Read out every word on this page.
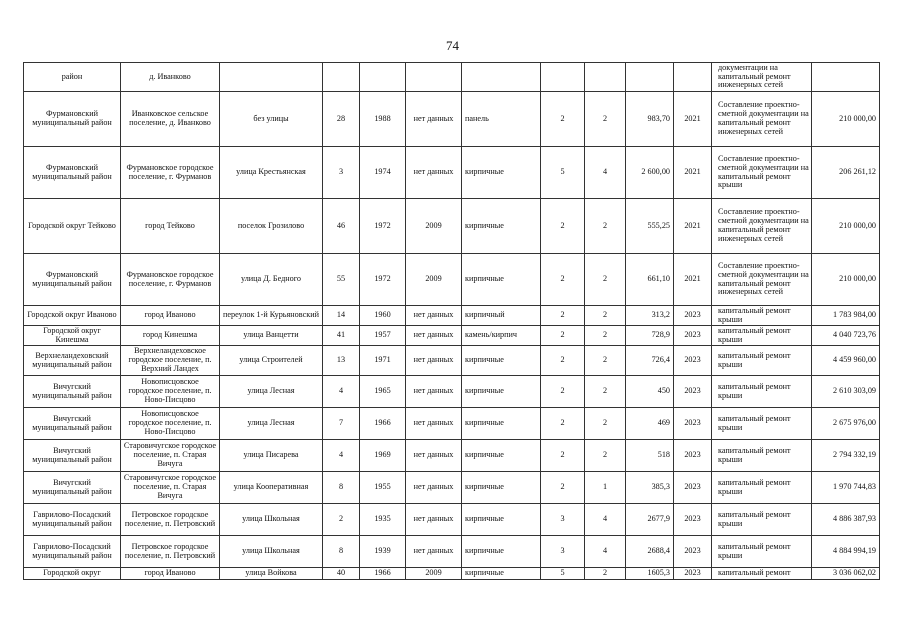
74
район	д. Иванково										документации на капитальный ремонт инженерных сетей	
Фурмановский муниципальный район	Иванковское сельское поселение, д. Иванково	без улицы	28	1988	нет данных	панель	2	2	983,70	2021	Составление проектно-сметной документации на капитальный ремонт инженерных сетей	210 000,00
Фурмановский муниципальный район	Фурмановское городское поселение, г. Фурманов	улица Крестьянская	3	1974	нет данных	кирпичные	5	4	2 600,00	2021	Составление проектно-сметной документации на капитальный ремонт крыши	206 261,12
Городской округ Тейково	город Тейково	поселок Грозилово	46	1972	2009	кирпичные	2	2	555,25	2021	Составление проектно-сметной документации на капитальный ремонт инженерных сетей	210 000,00
Фурмановский муниципальный район	Фурмановское городское поселение, г. Фурманов	улица Д. Бедного	55	1972	2009	кирпичные	2	2	661,10	2021	Составление проектно-сметной документации на капитальный ремонт инженерных сетей	210 000,00
Городской округ Иваново	город Иваново	переулок 1-й Курьяновский	14	1960	нет данных	кирпичный	2	2	313,2	2023	капитальный ремонт крыши	1 783 984,00
Городской округ Кинешма	город Кинешма	улица Ванцетти	41	1957	нет данных	камень/кирпич	2	2	728,9	2023	капитальный ремонт крыши	4 040 723,76
Верхнеландеховский муниципальный район	Верхнеландеховское городское поселение, п. Верхний Ландех	улица Строителей	13	1971	нет данных	кирпичные	2	2	726,4	2023	капитальный ремонт крыши	4 459 960,00
Вичугский муниципальный район	Новописцовское городское поселение, п. Ново-Писцово	улица Лесная	4	1965	нет данных	кирпичные	2	2	450	2023	капитальный ремонт крыши	2 610 303,09
Вичугский муниципальный район	Новописцовское городское поселение, п. Ново-Писцово	улица Лесная	7	1966	нет данных	кирпичные	2	2	469	2023	капитальный ремонт крыши	2 675 976,00
Вичугский муниципальный район	Старовичугское городское поселение, п. Старая Вичуга	улица Писарева	4	1969	нет данных	кирпичные	2	2	518	2023	капитальный ремонт крыши	2 794 332,19
Вичугский муниципальный район	Старовичугское городское поселение, п. Старая Вичуга	улица Кооперативная	8	1955	нет данных	кирпичные	2	1	385,3	2023	капитальный ремонт крыши	1 970 744,83
Гаврилово-Посадский муниципальный район	Петровское городское поселение, п. Петровский	улица Школьная	2	1935	нет данных	кирпичные	3	4	2677,9	2023	капитальный ремонт крыши	4 886 387,93
Гаврилово-Посадский муниципальный район	Петровское городское поселение, п. Петровский	улица Школьная	8	1939	нет данных	кирпичные	3	4	2688,4	2023	капитальный ремонт крыши	4 884 994,19
Городской округ	город Иваново	улица Войкова	40	1966	2009	кирпичные	5	2	1605,3	2023	капитальный ремонт	3 036 062,02
